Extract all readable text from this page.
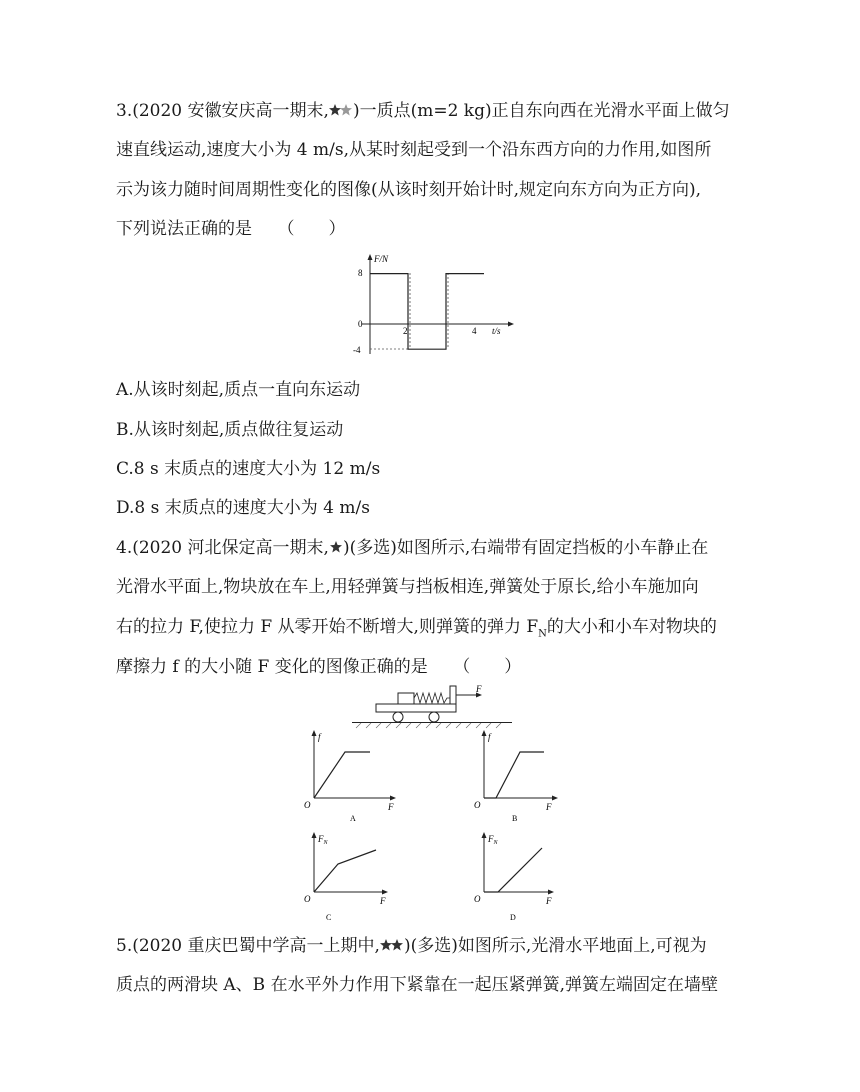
3.(2020 安徽安庆高一期末, )一质点(m=2 kg)正自东向西在光滑水平面上做匀
速直线运动,速度大小为 4 m/s,从某时刻起受到一个沿东西方向的力作用,如图所
示为该力随时间周期性变化的图像(从该时刻开始计时,规定向东方向为正方向),
下列说法正确的是　　（　　）
F/N
t/s
8
0
-4
2	4
A.从该时刻起,质点一直向东运动
B.从该时刻起,质点做往复运动
C.8 s 末质点的速度大小为 12 m/s
D.8 s 末质点的速度大小为 4 m/s
4.(2020 河北保定高一期末, )(多选)如图所示,右端带有固定挡板的小车静止在
光滑水平面上,物块放在车上,用轻弹簧与挡板相连,弹簧处于原长,给小车施加向
右的拉力 F,使拉力 F 从零开始不断增大,则弹簧的弹力 $F_N$的大小和小车对物块的
摩擦力 f 的大小随 F 变化的图像正确的是　　（　　）
F
f
F
O
A
f
F
O
B
$F_N$
F
O
C
$F_N$
F
O
D
5.(2020 重庆巴蜀中学高一上期中, )(多选)如图所示,光滑水平地面上,可视为
质点的两滑块 A、B 在水平外力作用下紧靠在一起压紧弹簧,弹簧左端固定在墙壁
